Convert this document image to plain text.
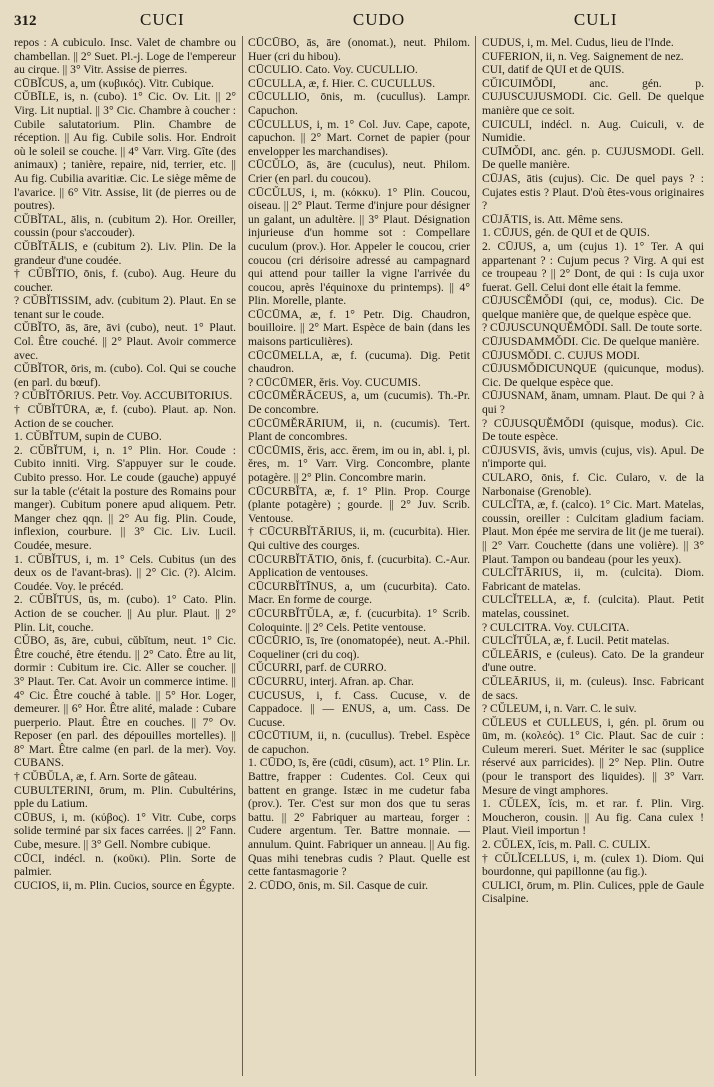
312	CUCI	CUDO	CULI

repos : A cubiculo. Insc. Valet de chambre ou chambellan. || 2° Suet. Pl.-j. Loge de l'empereur au cirque. || 3° Vitr. Assise de pierres.

CŪBĬCUS, a, um (κυβικός). Vitr. Cubique.

CŬBĪLE, is, n. (cubo). 1° Cic. Ov. Lit. || 2° Virg. Lit nuptial. || 3° Cic. Chambre à coucher : Cubile salutatorium. Plin. Chambre de réception. || Au fig. Cubile solis. Hor. Endroit où le soleil se couche. || 4° Varr. Virg. Gîte (des animaux) ; tanière, repaire, nid, terrier, etc. || Au fig. Cubilia avaritiæ. Cic. Le siège même de l'avarice. || 6° Vitr. Assise, lit (de pierres ou de poutres).

CŬBĬTAL, ālis, n. (cubitum 2). Hor. Oreiller, coussin (pour s'accouder).

CŬBĬTĀLIS, e (cubitum 2). Liv. Plin. De la grandeur d'une coudée.

† CŬBĬTIO, ōnis, f. (cubo). Aug. Heure du coucher.

? CŬBĬTISSIM, adv. (cubitum 2). Plaut. En se tenant sur le coude.

CŬBĬTO, ās, āre, āvi (cubo), neut. 1° Plaut. Col. Être couché. || 2° Plaut. Avoir commerce avec.

CŬBĬTOR, ōris, m. (cubo). Col. Qui se couche (en parl. du bœuf).

? CŬBĬTŌRIUS. Petr. Voy. ACCUBITORIUS.

† CŬBĬTŪRA, æ, f. (cubo). Plaut. ap. Non. Action de se coucher.

1. CŬBĬTUM, supin de CUBO.

2. CŬBĬTUM, i, n. 1° Plin. Hor. Coude : Cubito inniti. Virg. S'appuyer sur le coude. Cubito presso. Hor. Le coude (gauche) appuyé sur la table (c'était la posture des Romains pour manger). Cubitum ponere apud aliquem. Petr. Manger chez qqn. || 2° Au fig. Plin. Coude, inflexion, courbure. || 3° Cic. Liv. Lucil. Coudée, mesure.

1. CŬBĬTUS, i, m. 1° Cels. Cubitus (un des deux os de l'avant-bras). || 2° Cic. (?). Alcim. Coudée. Voy. le précéd.

2. CŬBĬTUS, ūs, m. (cubo). 1° Cato. Plin. Action de se coucher. || Au plur. Plaut. || 2° Plin. Lit, couche.

CŬBO, ās, āre, cubui, cŭbĭtum, neut. 1° Cic. Être couché, être étendu. || 2° Cato. Être au lit, dormir : Cubitum ire. Cic. Aller se coucher. || 3° Plaut. Ter. Cat. Avoir un commerce intime. || 4° Cic. Être couché à table. || 5° Hor. Loger, demeurer. || 6° Hor. Être alité, malade : Cubare puerperio. Plaut. Être en couches. || 7° Ov. Reposer (en parl. des dépouilles mortelles). || 8° Mart. Être calme (en parl. de la mer). Voy. CUBANS.

† CŬBŬLA, æ, f. Arn. Sorte de gâteau.

CUBULTERINI, ōrum, m. Plin. Cubultérins, pple du Latium.

CŪBUS, i, m. (κύβος). 1° Vitr. Cube, corps solide terminé par six faces carrées. || 2° Fann. Cube, mesure. || 3° Gell. Nombre cubique.

CŪCI, indécl. n. (κοῦκι). Plin. Sorte de palmier.

CUCIOS, ii, m. Plin. Cucios, source en Égypte.

CŪCŪBO, ās, āre (onomat.), neut. Philom. Huer (cri du hibou).

CŪCULIO. Cato. Voy. CUCULLIO.

CŪCULLA, æ, f. Hier. C. CUCULLUS.

CŪCULLIO, ōnis, m. (cucullus). Lampr. Capuchon.

CŪCULLUS, i, m. 1° Col. Juv. Cape, capote, capuchon. || 2° Mart. Cornet de papier (pour envelopper les marchandises).

CŪCŬLO, ās, āre (cuculus), neut. Philom. Crier (en parl. du coucou).

CŪCŬLUS, i, m. (κόκκυ). 1° Plin. Coucou, oiseau. || 2° Plaut. Terme d'injure pour désigner un galant, un adultère. || 3° Plaut. Désignation injurieuse d'un homme sot : Compellare cuculum (prov.). Hor. Appeler le coucou, crier coucou (cri dérisoire adressé au campagnard qui attend pour tailler la vigne l'arrivée du coucou, après l'équinoxe du printemps). || 4° Plin. Morelle, plante.

CŪCŪMA, æ, f. 1° Petr. Dig. Chaudron, bouilloire. || 2° Mart. Espèce de bain (dans les maisons particulières).

CŪCŪMELLA, æ, f. (cucuma). Dig. Petit chaudron.

? CŪCŪMER, ĕris. Voy. CUCUMIS.

CŪCŪMĔRĀCEUS, a, um (cucumis). Th.-Pr. De concombre.

CŪCŪMĔRĀRIUM, ii, n. (cucumis). Tert. Plant de concombres.

CŪCŪMIS, ĕris, acc. ĕrem, im ou in, abl. i, pl. ĕres, m. 1° Varr. Virg. Concombre, plante potagère. || 2° Plin. Concombre marin.

CŪCURBĬTA, æ, f. 1° Plin. Prop. Courge (plante potagère) ; gourde. || 2° Juv. Scrib. Ventouse.

† CŪCURBĬTĀRIUS, ii, m. (cucurbita). Hier. Qui cultive des courges.

CŪCURBĬTĀTIO, ōnis, f. (cucurbita). C.-Aur. Application de ventouses.

CŪCURBĬTĪNUS, a, um (cucurbita). Cato. Macr. En forme de courge.

CŪCURBĬTŬLA, æ, f. (cucurbita). 1° Scrib. Coloquinte. || 2° Cels. Petite ventouse.

CŪCŪRIO, īs, īre (onomatopée), neut. A.-Phil. Coqueliner (cri du coq).

CŬCURRI, parf. de CURRO.

CŪCURRU, interj. Afran. ap. Char.

CUCUSUS, i, f. Cass. Cucuse, v. de Cappadoce. || — ENUS, a, um. Cass. De Cucuse.

CŪCŪTIUM, ii, n. (cucullus). Trebel. Espèce de capuchon.

1. CŪDO, īs, ĕre (cūdi, cūsum), act. 1° Plin. Lr. Battre, frapper : Cudentes. Col. Ceux qui battent en grange. Istæc in me cudetur faba (prov.). Ter. C'est sur mon dos que tu seras battu. || 2° Fabriquer au marteau, forger : Cudere argentum. Ter. Battre monnaie. — annulum. Quint. Fabriquer un anneau. || Au fig. Quas mihi tenebras cudis ? Plaut. Quelle est cette fantasmagorie ?

2. CŪDO, ōnis, m. Sil. Casque de cuir.

CUDUS, i, m. Mel. Cudus, lieu de l'Inde.

CUFERION, ii, n. Veg. Saignement de nez.

CUI, datif de QUI et de QUIS.

CŬICUIMŎDI, anc. gén. p. CUJUSCUJUSMODI. Cic. Gell. De quelque manière que ce soit.

CUICULI, indécl. n. Aug. Cuiculi, v. de Numidie.

CUĪMŎDI, anc. gén. p. CUJUSMODI. Gell. De quelle manière.

CŪJAS, ātis (cujus). Cic. De quel pays ? : Cujates estis ? Plaut. D'où êtes-vous originaires ?

CŪJĀTIS, is. Att. Même sens.

1. CŪJUS, gén. de QUI et de QUIS.

2. CŪJUS, a, um (cujus 1). 1° Ter. A qui appartenant ? : Cujum pecus ? Virg. A qui est ce troupeau ? || 2° Dont, de qui : Is cuja uxor fuerat. Gell. Celui dont elle était la femme.

CŪJUSCĔMŎDI (qui, ce, modus). Cic. De quelque manière que, de quelque espèce que.

? CŪJUSCUNQUĔMŎDI. Sall. De toute sorte.

CŪJUSDAMMŎDI. Cic. De quelque manière.

CŪJUSMŎDI. C. CUJUS MODI.

CŪJUSMŎDICUNQUE (quicunque, modus). Cic. De quelque espèce que.

CŪJUSNAM, ănam, umnam. Plaut. De qui ? à qui ?

? CŪJUSQUĔMŎDI (quisque, modus). Cic. De toute espèce.

CŪJUSVIS, ăvis, umvis (cujus, vis). Apul. De n'importe qui.

CULARO, ōnis, f. Cic. Cularo, v. de la Narbonaise (Grenoble).

CULCĬTA, æ, f. (calco). 1° Cic. Mart. Matelas, coussin, oreiller : Culcitam gladium faciam. Plaut. Mon épée me servira de lit (je me tuerai). || 2° Varr. Couchette (dans une volière). || 3° Plaut. Tampon ou bandeau (pour les yeux).

CULCĬTĀRIUS, ii, m. (culcita). Diom. Fabricant de matelas.

CULCĬTELLA, æ, f. (culcita). Plaut. Petit matelas, coussinet.

? CULCITRA. Voy. CULCITA.

CULCĬTŬLA, æ, f. Lucil. Petit matelas.

CŬLEĀRIS, e (culeus). Cato. De la grandeur d'une outre.

CŬLEĀRIUS, ii, m. (culeus). Insc. Fabricant de sacs.

? CŬLEUM, i, n. Varr. C. le suiv.

CŬLEUS et CULLEUS, i, gén. pl. ōrum ou ūm, m. (κολεός). 1° Cic. Plaut. Sac de cuir : Culeum mereri. Suet. Mériter le sac (supplice réservé aux parricides). || 2° Nep. Plin. Outre (pour le transport des liquides). || 3° Varr. Mesure de vingt amphores.

1. CŬLEX, ĭcis, m. et rar. f. Plin. Virg. Moucheron, cousin. || Au fig. Cana culex ! Plaut. Vieil importun !

2. CŬLEX, ĭcis, m. Pall. C. CULIX.

† CŬLĬCELLUS, i, m. (culex 1). Diom. Qui bourdonne, qui papillonne (au fig.).

CULICI, ōrum, m. Plin. Culices, pple de Gaule Cisalpine.
